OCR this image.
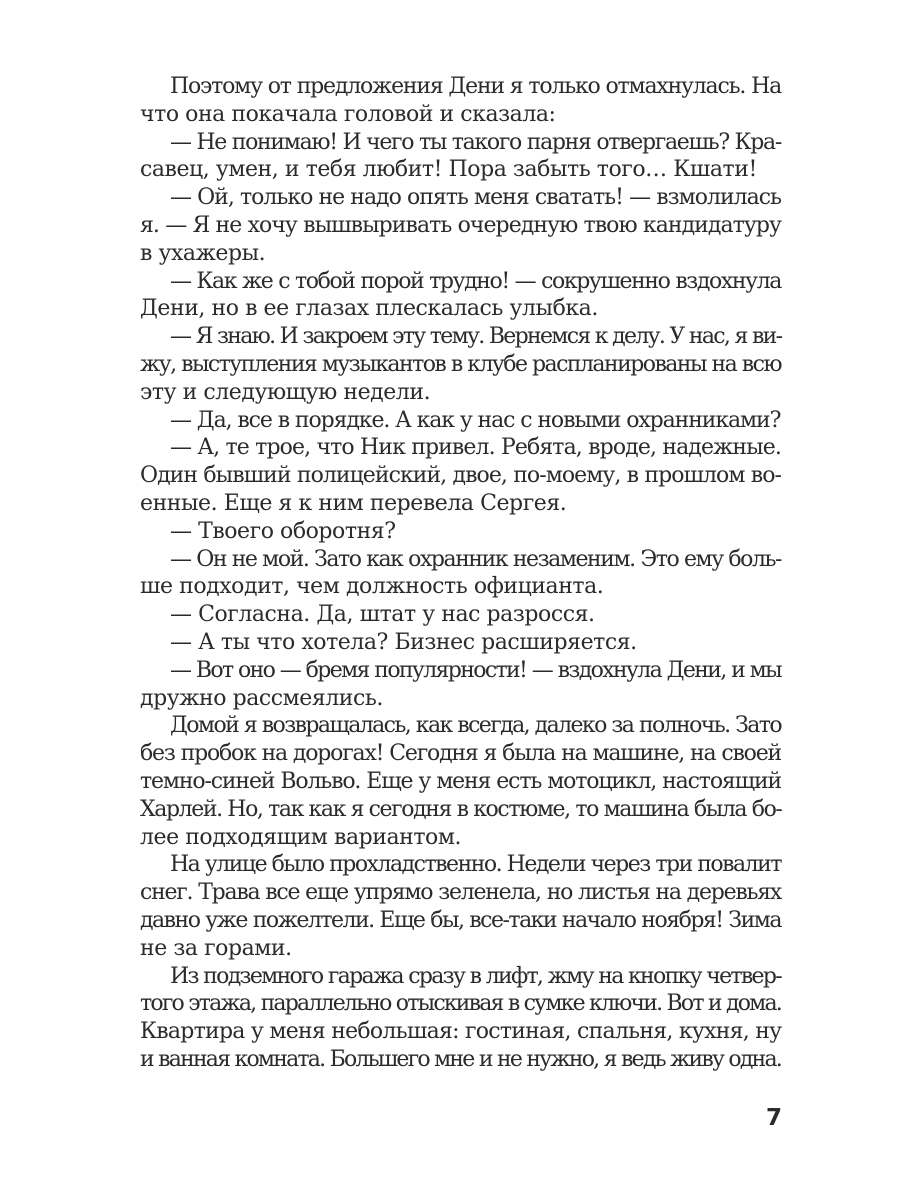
Поэтому от предложения Дени я только отмахнулась. На
что она покачала головой и сказала:
— Не понимаю! И чего ты такого парня отвергаешь? Кра-
савец, умен, и тебя любит! Пора забыть того… Кшати!
— Ой, только не надо опять меня сватать! — взмолилась
я. — Я не хочу вышвыривать очередную твою кандидатуру
в ухажеры.
— Как же с тобой порой трудно! — сокрушенно вздохнула
Дени, но в ее глазах плескалась улыбка.
— Я знаю. И закроем эту тему. Вернемся к делу. У нас, я ви-
жу, выступления музыкантов в клубе распланированы на всю
эту и следующую недели.
— Да, все в порядке. А как у нас с новыми охранниками?
— А, те трое, что Ник привел. Ребята, вроде, надежные.
Один бывший полицейский, двое, по-моему, в прошлом во-
енные. Еще я к ним перевела Сергея.
— Твоего оборотня?
— Он не мой. Зато как охранник незаменим. Это ему боль-
ше подходит, чем должность официанта.
— Согласна. Да, штат у нас разросся.
— А ты что хотела? Бизнес расширяется.
— Вот оно — бремя популярности! — вздохнула Дени, и мы
дружно рассмеялись.
Домой я возвращалась, как всегда, далеко за полночь. Зато
без пробок на дорогах! Сегодня я была на машине, на своей
темно-синей Вольво. Еще у меня есть мотоцикл, настоящий
Харлей. Но, так как я сегодня в костюме, то машина была бо-
лее подходящим вариантом.
На улице было прохладственно. Недели через три повалит
снег. Трава все еще упрямо зеленела, но листья на деревьях
давно уже пожелтели. Еще бы, все-таки начало ноября! Зима
не за горами.
Из подземного гаража сразу в лифт, жму на кнопку четвер-
того этажа, параллельно отыскивая в сумке ключи. Вот и дома.
Квартира у меня небольшая: гостиная, спальня, кухня, ну
и ванная комната. Большего мне и не нужно, я ведь живу одна.
7
